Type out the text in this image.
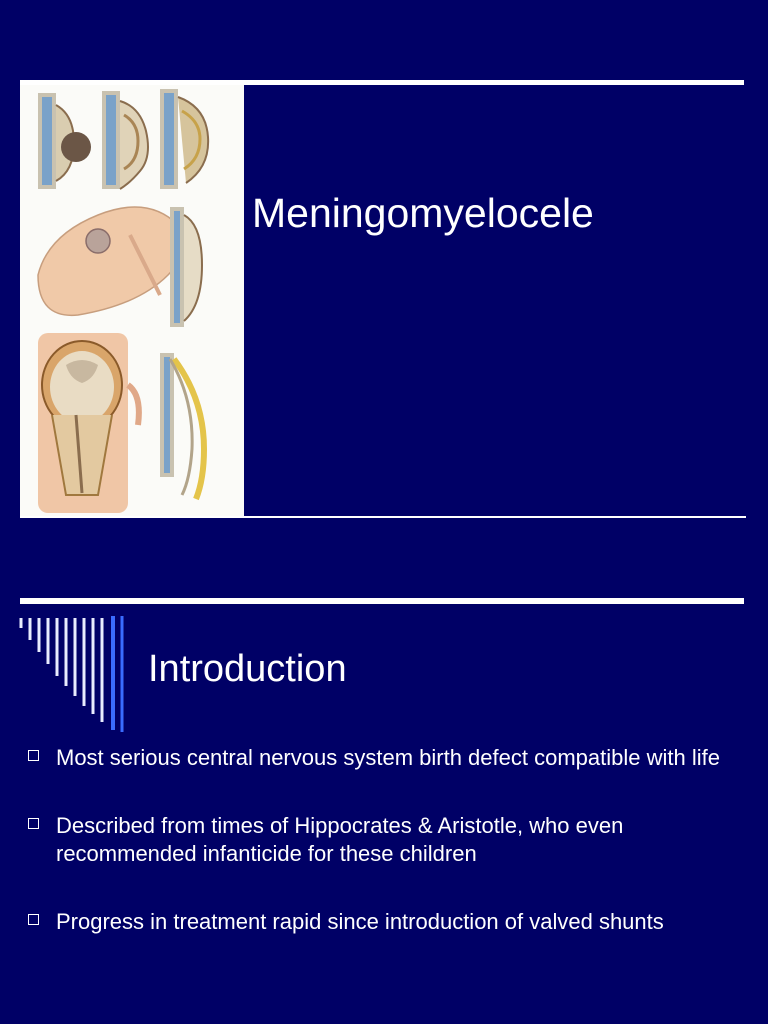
Meningomyelocele
Introduction
Most serious central nervous system birth defect compatible with life
Described from times of Hippocrates & Aristotle, who even recommended infanticide for these children
Progress in treatment rapid since introduction of valved shunts
